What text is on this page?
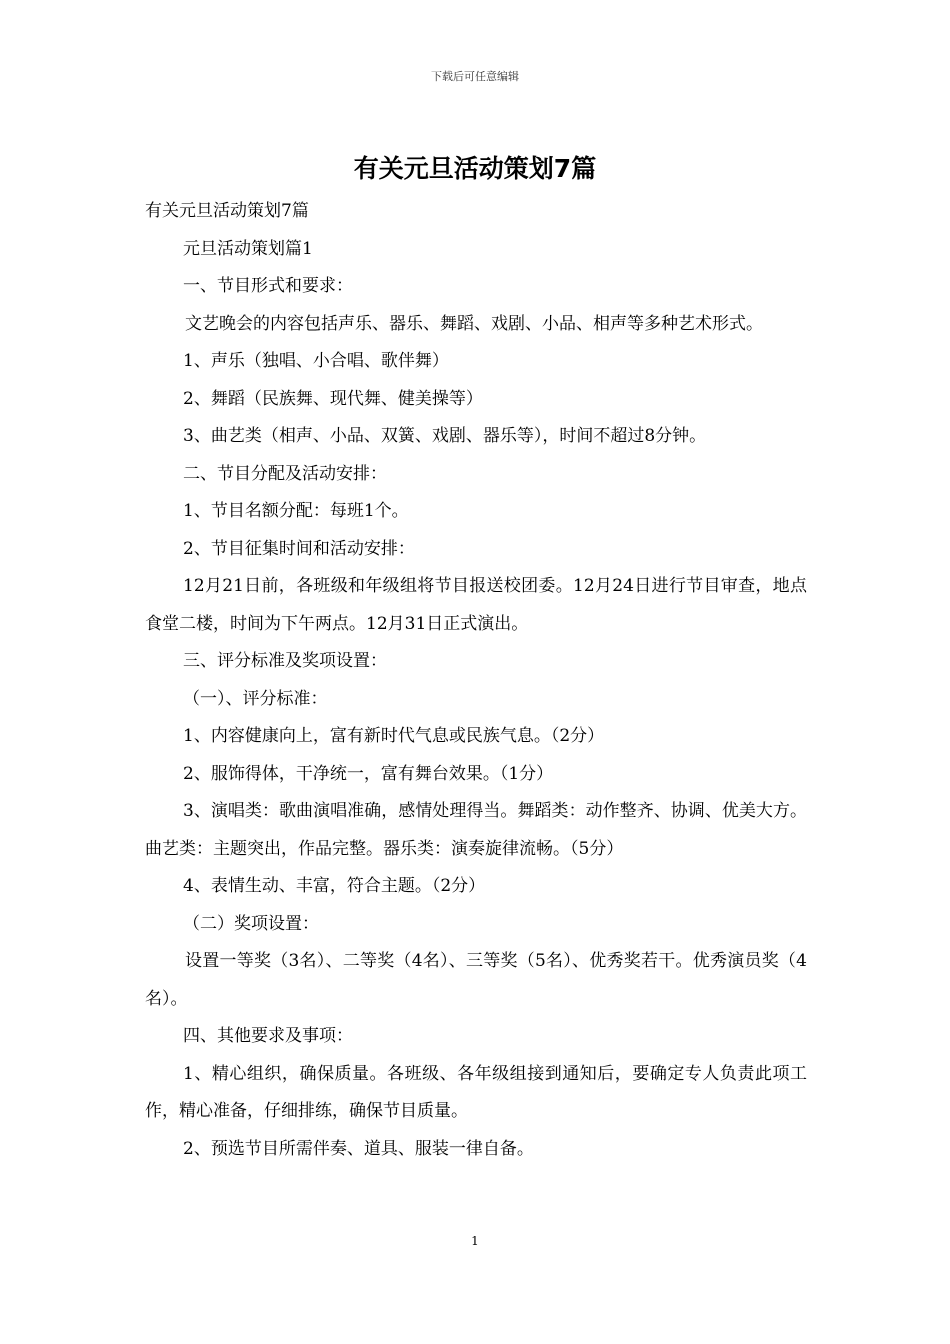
下载后可任意编辑
有关元旦活动策划7篇

有关元旦活动策划7篇

元旦活动策划篇1

一、节目形式和要求：

文艺晚会的内容包括声乐、器乐、舞蹈、戏剧、小品、相声等多种艺术形式。

1、声乐（独唱、小合唱、歌伴舞）

2、舞蹈（民族舞、现代舞、健美操等）

3、曲艺类（相声、小品、双簧、戏剧、器乐等），时间不超过8分钟。

二、节目分配及活动安排：

1、节目名额分配：每班1个。

2、节目征集时间和活动安排：

12月21日前，各班级和年级组将节目报送校团委。12月24日进行节目审查，地点食堂二楼，时间为下午两点。12月31日正式演出。

三、评分标准及奖项设置：

（一）、评分标准：

1、内容健康向上，富有新时代气息或民族气息。（2分）

2、服饰得体，干净统一，富有舞台效果。（1分）

3、演唱类：歌曲演唱准确，感情处理得当。舞蹈类：动作整齐、协调、优美大方。曲艺类：主题突出，作品完整。器乐类：演奏旋律流畅。（5分）

4、表情生动、丰富，符合主题。（2分）

（二）奖项设置：

设置一等奖（3名）、二等奖（4名）、三等奖（5名）、优秀奖若干。优秀演员奖（4名）。

四、其他要求及事项：

1、精心组织，确保质量。各班级、各年级组接到通知后，要确定专人负责此项工作，精心准备，仔细排练，确保节目质量。

2、预选节目所需伴奏、道具、服装一律自备。

1
